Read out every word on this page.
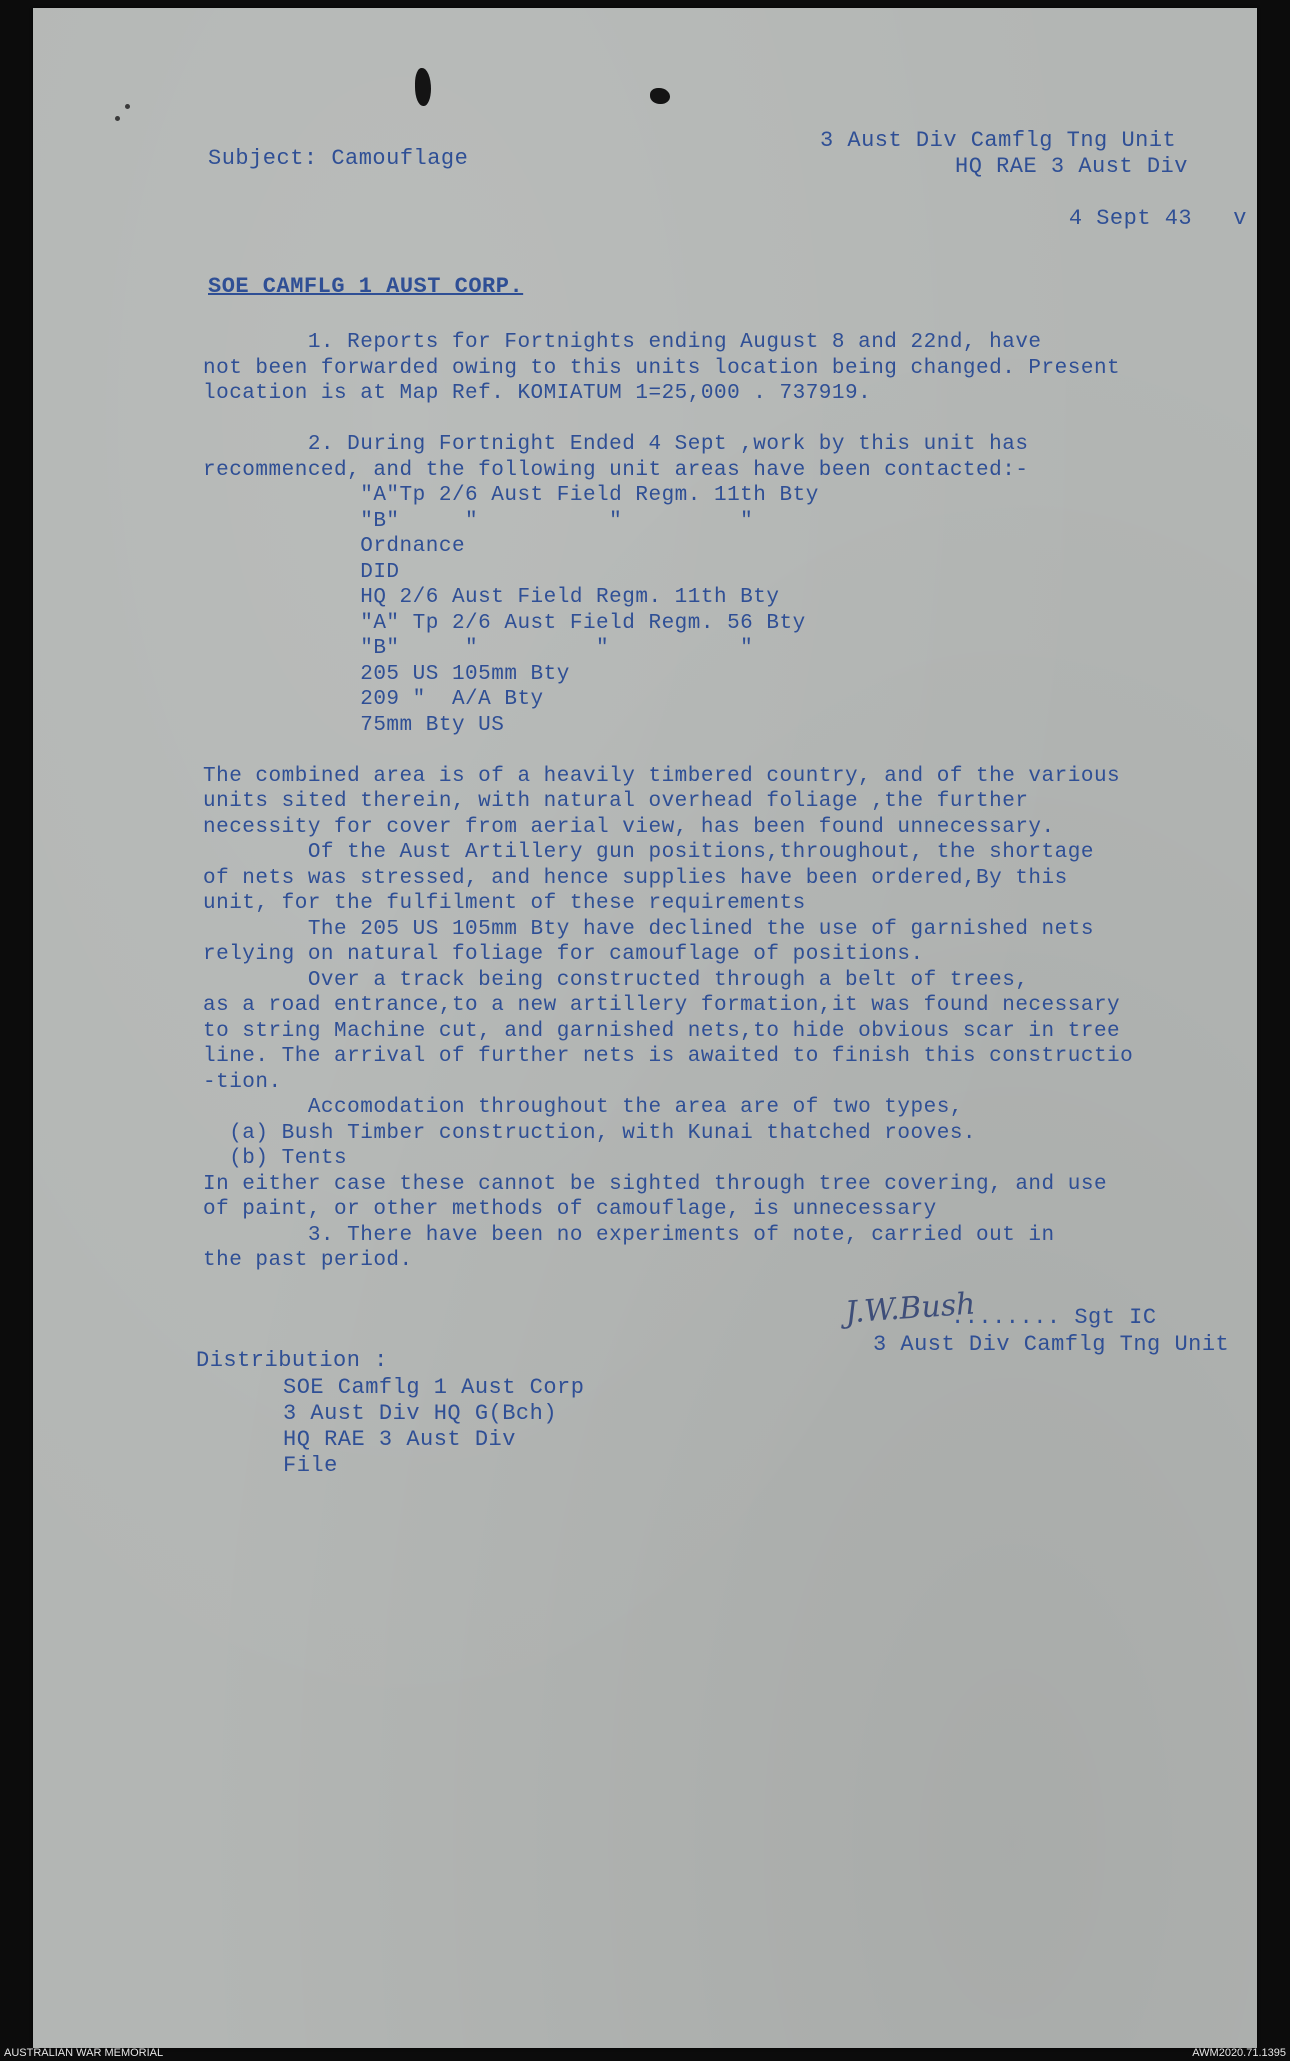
Subject: Camouflage
3 Aust Div Camflg Tng Unit
HQ RAE 3 Aust Div

4 Sept 43 v

SOE CAMFLG 1 AUST CORP.
1. Reports for Fortnights ending August 8 and 22nd, have
not been forwarded owing to this units location being changed. Present
location is at Map Ref. KOMIATUM 1=25,000 . 737919.
2. During Fortnight Ended 4 Sept ,work by this unit has
recommenced, and the following unit areas have been contacted:-
"A"Tp 2/6 Aust Field Regm. 11th Bty
"B"     "          "         "
Ordnance
DID
HQ 2/6 Aust Field Regm. 11th Bty
"A" Tp 2/6 Aust Field Regm. 56 Bty
"B"     "         "          "
205 US 105mm Bty
209 "  A/A Bty
75mm Bty US
The combined area is of a heavily timbered country, and of the various
units sited therein, with natural overhead foliage ,the further
necessity for cover from aerial view, has been found unnecessary.
Of the Aust Artillery gun positions,throughout, the shortage
of nets was stressed, and hence supplies have been ordered,By this
unit, for the fulfilment of these requirements
The 205 US 105mm Bty have declined the use of garnished nets
relying on natural foliage for camouflage of positions.
Over a track being constructed through a belt of trees,
as a road entrance,to a new artillery formation,it was found necessary
to string Machine cut, and garnished nets,to hide obvious scar in tree
line. The arrival of further nets is awaited to finish this constructio
-tion.
Accomodation throughout the area are of two types,
(a) Bush Timber construction, with Kunai thatched rooves.
(b) Tents
In either case these cannot be sighted through tree covering, and use
of paint, or other methods of camouflage, is unnecessary
3. There have been no experiments of note, carried out in
the past period.
J.W.Bush
........ Sgt IC
3 Aust Div Camflg Tng Unit
Distribution :
SOE Camflg 1 Aust Corp
3 Aust Div HQ G(Bch)
HQ RAE 3 Aust Div
File
AUSTRALIAN WAR MEMORIAL	AWM2020.71.1395
